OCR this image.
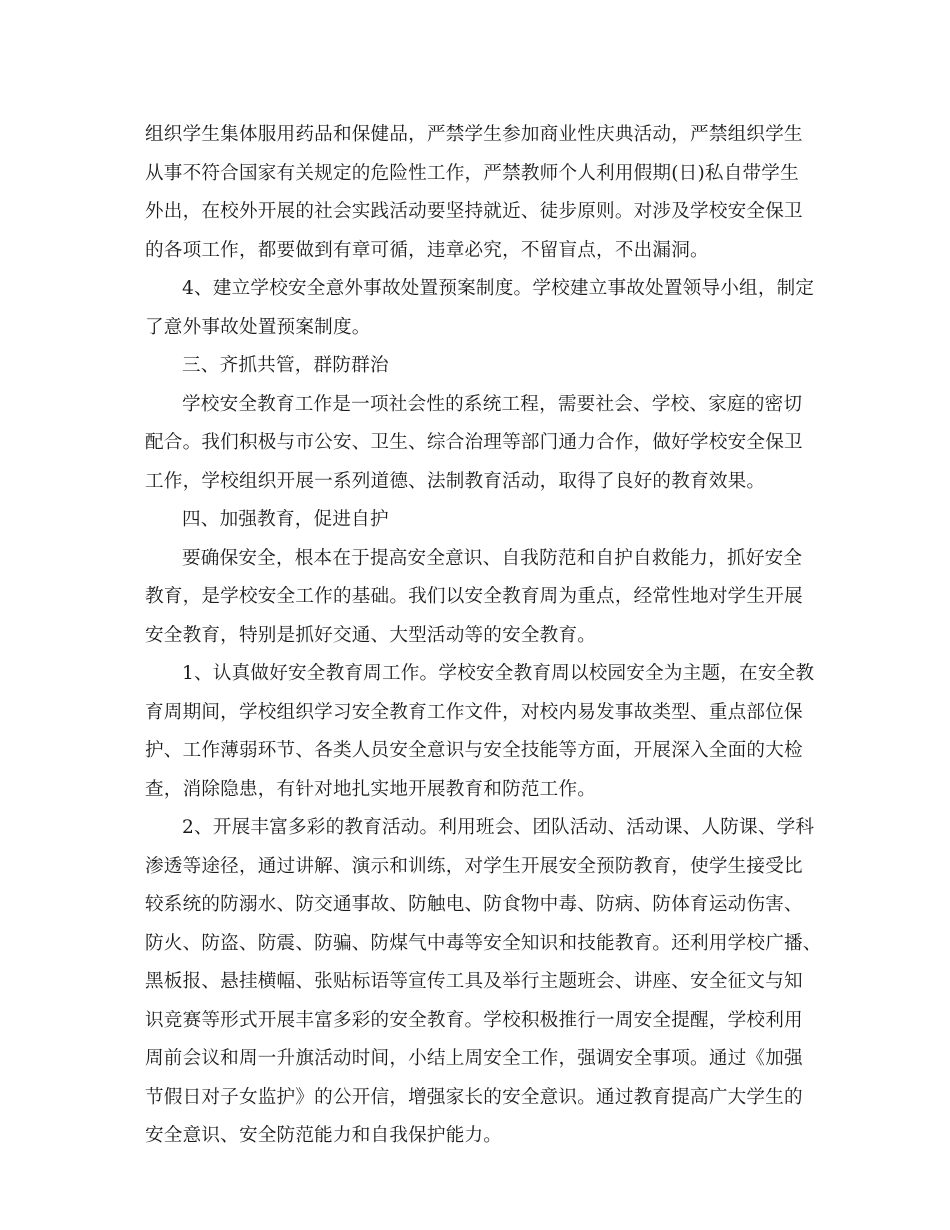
组织学生集体服用药品和保健品，严禁学生参加商业性庆典活动，严禁组织学生
从事不符合国家有关规定的危险性工作，严禁教师个人利用假期(日)私自带学生
外出，在校外开展的社会实践活动要坚持就近、徒步原则。对涉及学校安全保卫
的各项工作，都要做到有章可循，违章必究，不留盲点，不出漏洞。
4、建立学校安全意外事故处置预案制度。学校建立事故处置领导小组，制定
了意外事故处置预案制度。
三、齐抓共管，群防群治
学校安全教育工作是一项社会性的系统工程，需要社会、学校、家庭的密切
配合。我们积极与市公安、卫生、综合治理等部门通力合作，做好学校安全保卫
工作，学校组织开展一系列道德、法制教育活动，取得了良好的教育效果。
四、加强教育，促进自护
要确保安全，根本在于提高安全意识、自我防范和自护自救能力，抓好安全
教育，是学校安全工作的基础。我们以安全教育周为重点，经常性地对学生开展
安全教育，特别是抓好交通、大型活动等的安全教育。
1、认真做好安全教育周工作。学校安全教育周以校园安全为主题，在安全教
育周期间，学校组织学习安全教育工作文件，对校内易发事故类型、重点部位保
护、工作薄弱环节、各类人员安全意识与安全技能等方面，开展深入全面的大检
查，消除隐患，有针对地扎实地开展教育和防范工作。
2、开展丰富多彩的教育活动。利用班会、团队活动、活动课、人防课、学科
渗透等途径，通过讲解、演示和训练，对学生开展安全预防教育，使学生接受比
较系统的防溺水、防交通事故、防触电、防食物中毒、防病、防体育运动伤害、
防火、防盗、防震、防骗、防煤气中毒等安全知识和技能教育。还利用学校广播、
黑板报、悬挂横幅、张贴标语等宣传工具及举行主题班会、讲座、安全征文与知
识竞赛等形式开展丰富多彩的安全教育。学校积极推行一周安全提醒，学校利用
周前会议和周一升旗活动时间，小结上周安全工作，强调安全事项。通过《加强
节假日对子女监护》的公开信，增强家长的安全意识。通过教育提高广大学生的
安全意识、安全防范能力和自我保护能力。
